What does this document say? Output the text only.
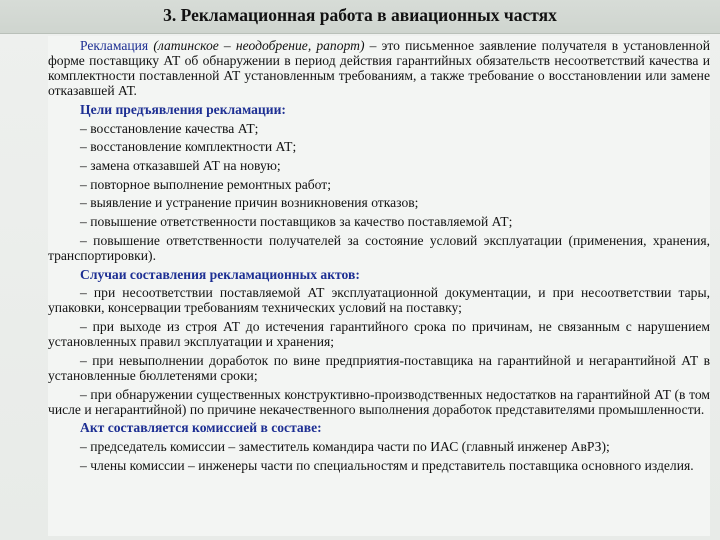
3. Рекламационная работа в авиационных частях

Рекламация (латинское – неодобрение, рапорт) – это письменное заявление получателя в установленной форме поставщику АТ об обнаружении в период действия гарантийных обязательств несоответствий качества и комплектности поставленной АТ установленным требованиям, а также требование о восстановлении или замене отказавшей АТ.

Цели предъявления рекламации:

– восстановление качества АТ;

– восстановление комплектности АТ;

– замена отказавшей АТ на новую;

– повторное выполнение ремонтных работ;

– выявление и устранение причин возникновения отказов;

– повышение ответственности поставщиков за качество поставляемой АТ;

– повышение ответственности получателей за состояние условий эксплуатации (применения, хранения, транспортировки).

Случаи составления рекламационных актов:

– при несоответствии поставляемой АТ эксплуатационной документации, и при несоответствии тары, упаковки, консервации требованиям технических условий на поставку;

– при выходе из строя АТ до истечения гарантийного срока по причинам, не связанным с нарушением установленных правил эксплуатации и хранения;

– при невыполнении доработок по вине предприятия-поставщика на гарантийной и негарантийной АТ в установленные бюллетенями сроки;

– при обнаружении существенных конструктивно-производственных недостатков на гарантийной АТ (в том числе и негарантийной) по причине некачественного выполнения доработок представителями промышленности.

Акт составляется комиссией в составе:

– председатель комиссии – заместитель командира части по ИАС (главный инженер АвРЗ);

– члены комиссии – инженеры части по специальностям и представитель поставщика основного изделия.
